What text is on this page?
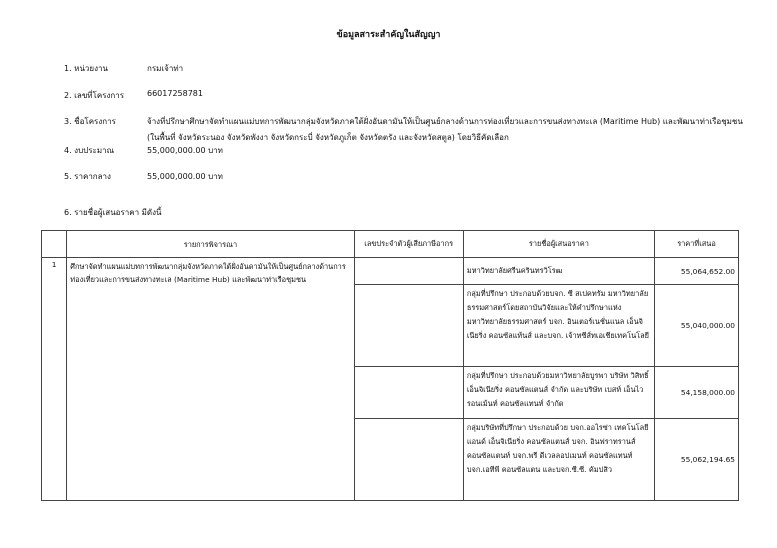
ข้อมูลสาระสำคัญในสัญญา
1. หน่วยงาน	กรมเจ้าท่า
2. เลขที่โครงการ	66017258781
3. ชื่อโครงการ	จ้างที่ปรึกษาศึกษาจัดทำแผนแม่บทการพัฒนากลุ่มจังหวัดภาคใต้ฝั่งอันดามันให้เป็นศูนย์กลางด้านการท่องเที่ยวและการขนส่งทางทะเล (Maritime Hub) และพัฒนาท่าเรือชุมชน
(ในพื้นที่ จังหวัดระนอง จังหวัดพังงา จังหวัดกระบี่ จังหวัดภูเก็ต จังหวัดตรัง และจังหวัดสตูล) โดยวิธีคัดเลือก
4. งบประมาณ	55,000,000.00 บาท
5. ราคากลาง	55,000,000.00 บาท
6. รายชื่อผู้เสนอราคา มีดังนี้
	รายการพิจารณา	เลขประจำตัวผู้เสียภาษีอากร	รายชื่อผู้เสนอราคา	ราคาที่เสนอ
1	ศึกษาจัดทำแผนแม่บทการพัฒนากลุ่มจังหวัดภาคใต้ฝั่งอันดามันให้เป็นศูนย์กลางด้านการท่องเที่ยวและการขนส่งทางทะเล (Maritime Hub) และพัฒนาท่าเรือชุมชน		มหาวิทยาลัยศรีนครินทรวิโรฒ	55,064,652.00
			กลุ่มที่ปรึกษา ประกอบด้วยบจก. ซี สเปคทรัม มหาวิทยาลัยธรรมศาสตร์โดยสถาบันวิจัยและให้คำปรึกษาแห่งมหาวิทยาลัยธรรมศาสตร์ บจก. อินเตอร์เนชั่นแนล เอ็นจิเนียริ่ง คอนซัลแท้นส์ และบจก. เจ้าทซีส์ทเอเชียเทคโนโลยี	55,040,000.00
			กลุ่มที่ปรึกษา ประกอบด้วยมหาวิทยาลัยบูรพา บริษัท วิสิทธิ์ เอ็นจิเนียริ่ง คอนซัลแตนส์ จำกัด และบริษัท เบสท์ เอ็นไวรอนเม้นท์ คอนซัลแทนท์ จำกัด	54,158,000.00
			กลุ่มบริษัทที่ปรึกษา ประกอบด้วย บจก.ออไรซ่า เทคโนโลยี แอนด์ เอ็นจิเนียริ่ง คอนซัลแตนส์ บจก. อินฟราทรานส์ คอนซัลแตนท์ บจก.พรี ดีเวลลอปเมนท์ คอนซัลแทนท์ บจก.เอทีพี คอนซัลแตน และบจก.ซี.ซี. คัมปสิว	55,062,194.65
